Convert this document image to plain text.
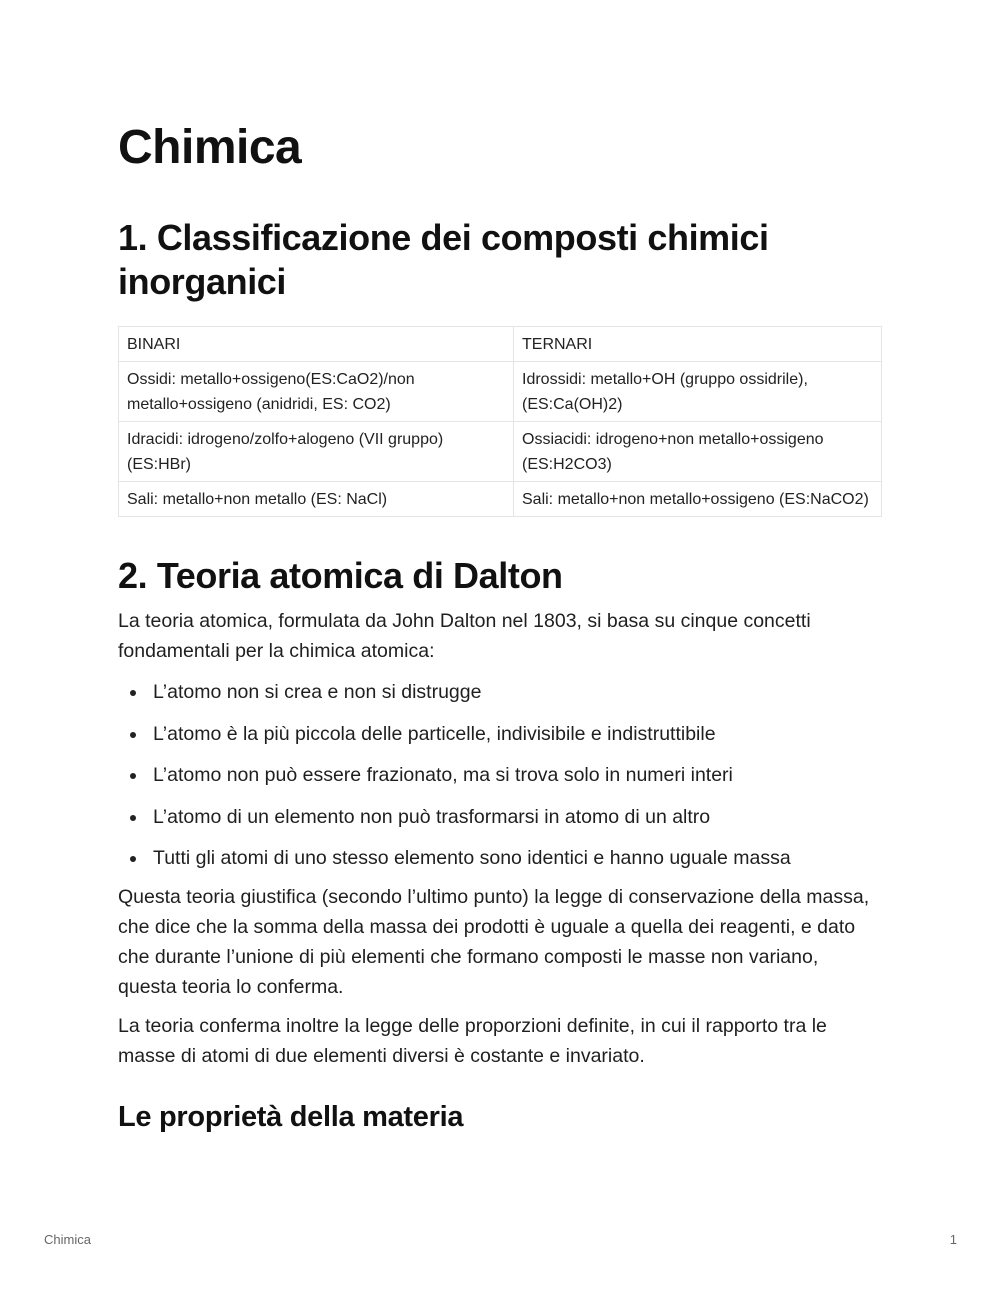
Chimica
1. Classificazione dei composti chimici inorganici
BINARI	TERNARI
Ossidi: metallo+ossigeno(ES:CaO2)/non metallo+ossigeno (anidridi, ES: CO2)	Idrossidi: metallo+OH (gruppo ossidrile), (ES:Ca(OH)2)
Idracidi: idrogeno/zolfo+alogeno (VII gruppo) (ES:HBr)	Ossiacidi: idrogeno+non metallo+ossigeno (ES:H2CO3)
Sali: metallo+non metallo (ES: NaCl)	Sali: metallo+non metallo+ossigeno (ES:NaCO2)
2. Teoria atomica di Dalton

La teoria atomica, formulata da John Dalton nel 1803, si basa su cinque concetti fondamentali per la chimica atomica:

L’atomo non si crea e non si distrugge
L’atomo è la più piccola delle particelle, indivisibile e indistruttibile
L’atomo non può essere frazionato, ma si trova solo in numeri interi
L’atomo di un elemento non può trasformarsi in atomo di un altro
Tutti gli atomi di uno stesso elemento sono identici e hanno uguale massa

Questa teoria giustifica (secondo l’ultimo punto) la legge di conservazione della massa, che dice che la somma della massa dei prodotti è uguale a quella dei reagenti, e dato che durante l’unione di più elementi che formano composti le masse non variano, questa teoria lo conferma.

La teoria conferma inoltre la legge delle proporzioni definite, in cui il rapporto tra le masse di atomi di due elementi diversi è costante e invariato.

Le proprietà della materia
Chimica	1
